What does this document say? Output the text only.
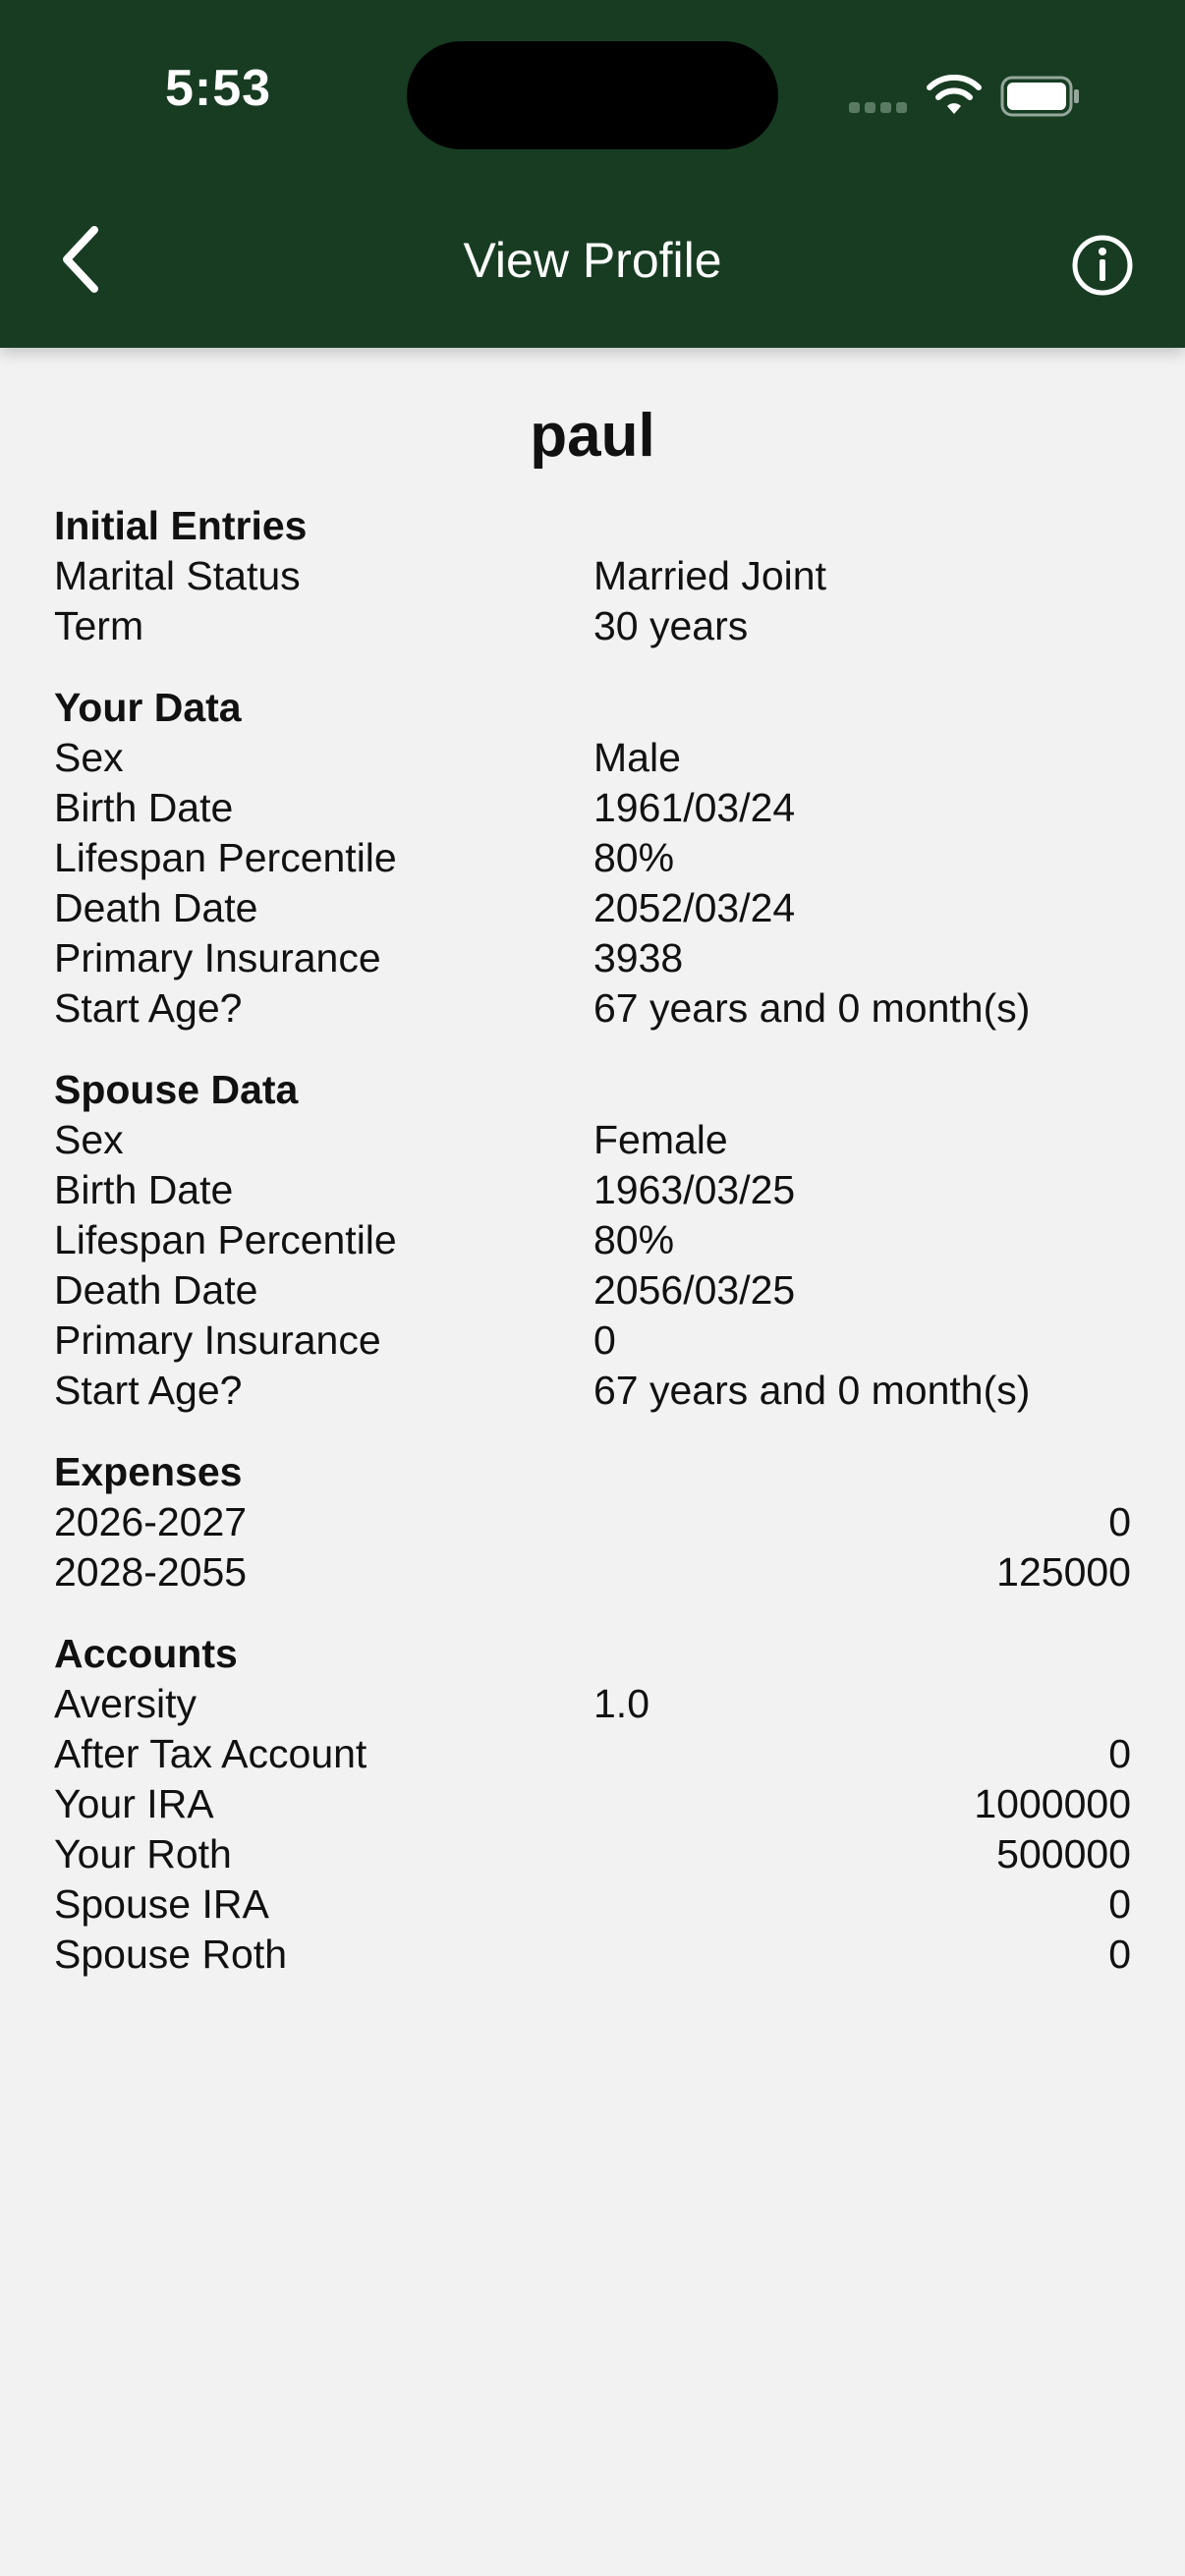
5:53
View Profile
paul
Initial Entries
Marital Status	Married Joint
Term	30 years
Your Data
Sex	Male
Birth Date	1961/03/24
Lifespan Percentile	80%
Death Date	2052/03/24
Primary Insurance	3938
Start Age?	67 years and 0 month(s)
Spouse Data
Sex	Female
Birth Date	1963/03/25
Lifespan Percentile	80%
Death Date	2056/03/25
Primary Insurance	0
Start Age?	67 years and 0 month(s)
Expenses
2026-2027	0
2028-2055	125000
Accounts
Aversity	1.0
After Tax Account	0
Your IRA	1000000
Your Roth	500000
Spouse IRA	0
Spouse Roth	0
